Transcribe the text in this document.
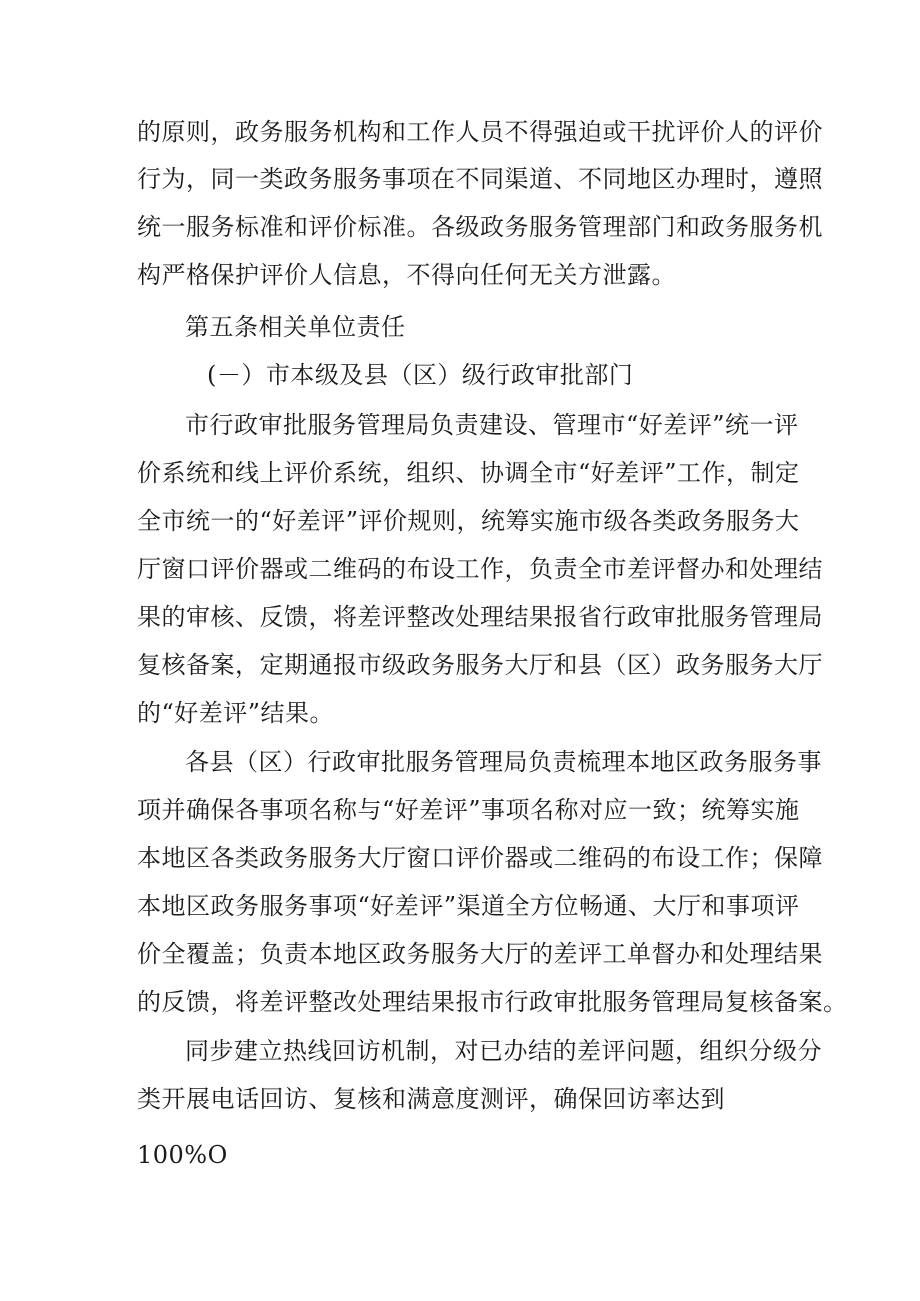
的原则，政务服务机构和工作人员不得强迫或干扰评价人的评价
行为，同一类政务服务事项在不同渠道、不同地区办理时，遵照
统一服务标准和评价标准。各级政务服务管理部门和政务服务机
构严格保护评价人信息，不得向任何无关方泄露。
第五条相关单位责任
(－）市本级及县（区）级行政审批部门
市行政审批服务管理局负责建设、管理市“好差评”统一评
价系统和线上评价系统，组织、协调全市“好差评”工作，制定
全市统一的“好差评”评价规则，统筹实施市级各类政务服务大
厅窗口评价器或二维码的布设工作，负责全市差评督办和处理结
果的审核、反馈，将差评整改处理结果报省行政审批服务管理局
复核备案，定期通报市级政务服务大厅和县（区）政务服务大厅
的“好差评”结果。
各县（区）行政审批服务管理局负责梳理本地区政务服务事
项并确保各事项名称与“好差评”事项名称对应一致；统筹实施
本地区各类政务服务大厅窗口评价器或二维码的布设工作；保障
本地区政务服务事项“好差评”渠道全方位畅通、大厅和事项评
价全覆盖；负责本地区政务服务大厅的差评工单督办和处理结果
的反馈，将差评整改处理结果报市行政审批服务管理局复核备案。
同步建立热线回访机制，对已办结的差评问题，组织分级分
类开展电话回访、复核和满意度测评，确保回访率达到
100%O
